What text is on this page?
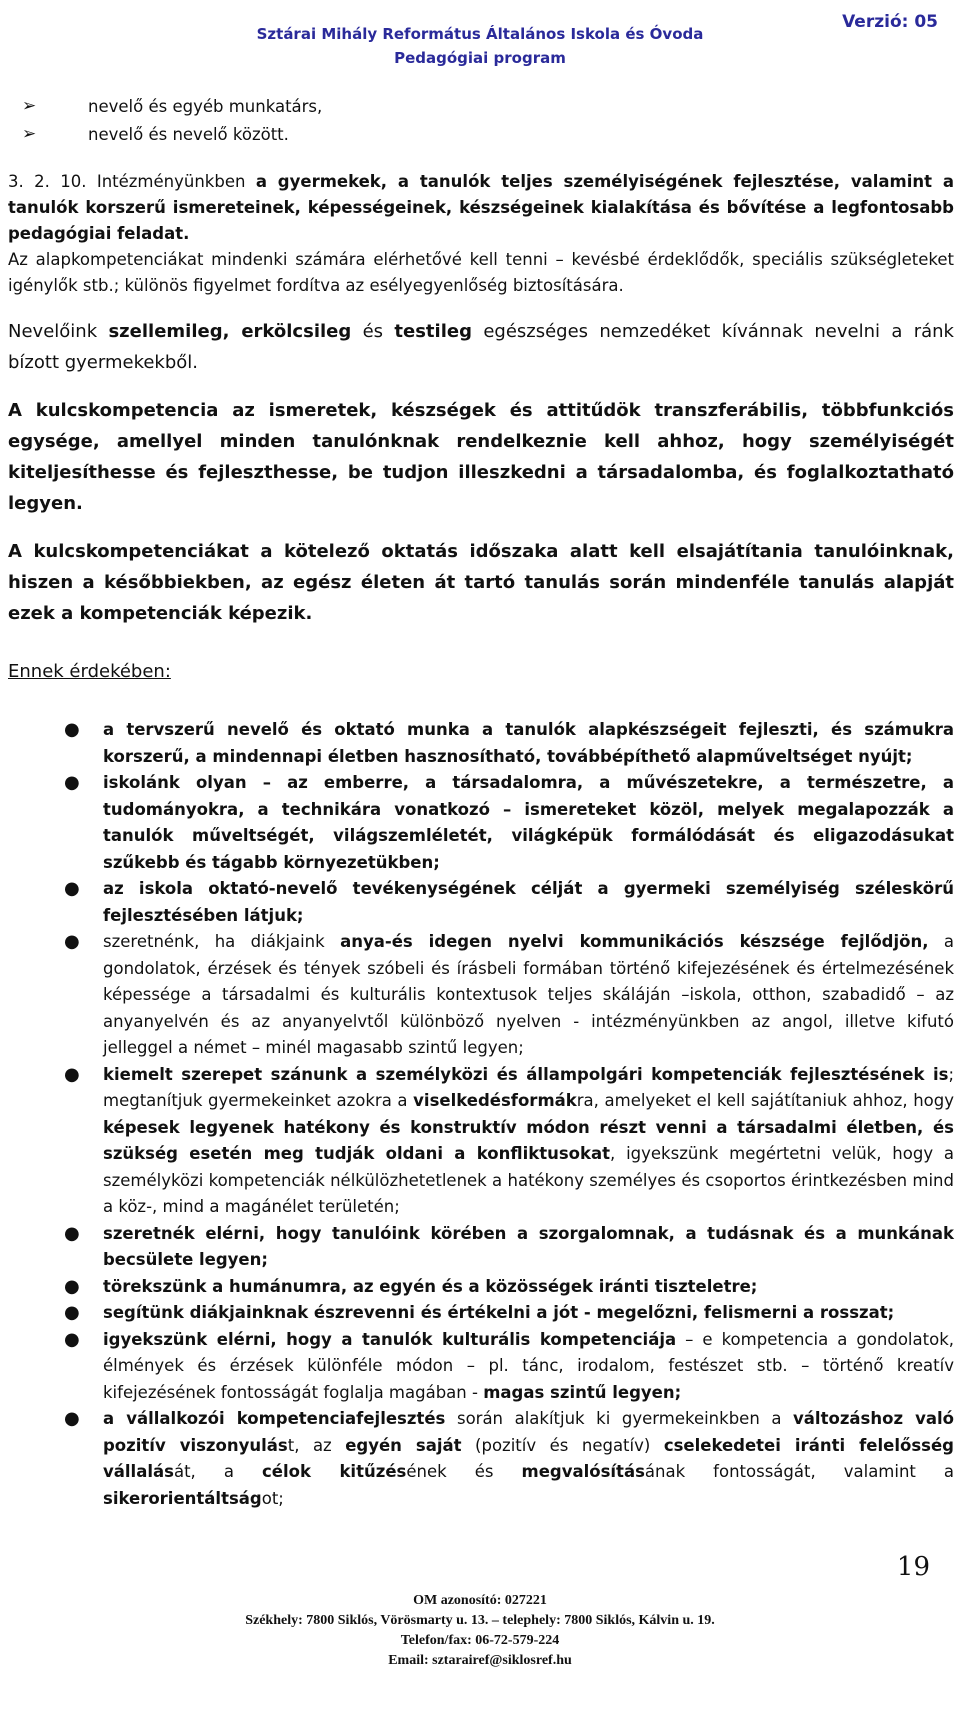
Verzió: 05
Sztárai Mihály Református Általános Iskola és Óvoda
Pedagógiai program
➢	nevelő és egyéb munkatárs,
➢	nevelő és nevelő között.

3. 2. 10. Intézményünkben a gyermekek, a tanulók teljes személyiségének fejlesztése, valamint a tanulók korszerű ismereteinek, képességeinek, készségeinek kialakítása és bővítése a legfontosabb pedagógiai feladat.

Az alapkompetenciákat mindenki számára elérhetővé kell tenni – kevésbé érdeklődők, speciális szükségleteket igénylők stb.; különös figyelmet fordítva az esélyegyenlőség biztosítására.

Nevelőink szellemileg, erkölcsileg és testileg egészséges nemzedéket kívánnak nevelni a ránk bízott gyermekekből.

A kulcskompetencia az ismeretek, készségek és attitűdök transzferábilis, többfunkciós egysége, amellyel minden tanulónknak rendelkeznie kell ahhoz, hogy személyiségét kiteljesíthesse és fejleszthesse, be tudjon illeszkedni a társadalomba, és foglalkoztatható legyen.

A kulcskompetenciákat a kötelező oktatás időszaka alatt kell elsajátítania tanulóinknak, hiszen a későbbiekben, az egész életen át tartó tanulás során mindenféle tanulás alapját ezek a kompetenciák képezik.

Ennek érdekében:

● a tervszerű nevelő és oktató munka a tanulók alapkészségeit fejleszti, és számukra korszerű, a mindennapi életben hasznosítható, továbbépíthető alapműveltséget nyújt;
● iskolánk olyan – az emberre, a társadalomra, a művészetekre, a természetre, a tudományokra, a technikára vonatkozó – ismereteket közöl, melyek megalapozzák a tanulók műveltségét, világszemléletét, világképük formálódását és eligazodásukat szűkebb és tágabb környezetükben;
● az iskola oktató-nevelő tevékenységének célját a gyermeki személyiség széleskörű fejlesztésében látjuk;
● szeretnénk, ha diákjaink anya-és idegen nyelvi kommunikációs készsége fejlődjön, a gondolatok, érzések és tények szóbeli és írásbeli formában történő kifejezésének és értelmezésének képessége a társadalmi és kulturális kontextusok teljes skáláján –iskola, otthon, szabadidő – az anyanyelvén és az anyanyelvtől különböző nyelven - intézményünkben az angol, illetve kifutó jelleggel a német – minél magasabb szintű legyen;
● kiemelt szerepet szánunk a személyközi és állampolgári kompetenciák fejlesztésének is; megtanítjuk gyermekeinket azokra a viselkedésformákra, amelyeket el kell sajátítaniuk ahhoz, hogy képesek legyenek hatékony és konstruktív módon részt venni a társadalmi életben, és szükség esetén meg tudják oldani a konfliktusokat, igyekszünk megértetni velük, hogy a személyközi kompetenciák nélkülözhetetlenek a hatékony személyes és csoportos érintkezésben mind a köz-, mind a magánélet területén;
● szeretnék elérni, hogy tanulóink körében a szorgalomnak, a tudásnak és a munkának becsülete legyen;
● törekszünk a humánumra, az egyén és a közösségek iránti tiszteletre;
● segítünk diákjainknak észrevenni és értékelni a jót - megelőzni, felismerni a rosszat;
● igyekszünk elérni, hogy a tanulók kulturális kompetenciája – e kompetencia a gondolatok, élmények és érzések különféle módon – pl. tánc, irodalom, festészet stb. – történő kreatív kifejezésének fontosságát foglalja magában - magas szintű legyen;
● a vállalkozói kompetenciafejlesztés során alakítjuk ki gyermekeinkben a változáshoz való pozitív viszonyulást, az egyén saját (pozitív és negatív) cselekedetei iránti felelősség vállalását, a célok kitűzésének és megvalósításának fontosságát, valamint a sikerorientáltságot;
19
OM azonosító: 027221
Székhely: 7800 Siklós, Vörösmarty u. 13. – telephely: 7800 Siklós, Kálvin u. 19.
Telefon/fax: 06-72-579-224
Email: sztarairef@siklosref.hu
